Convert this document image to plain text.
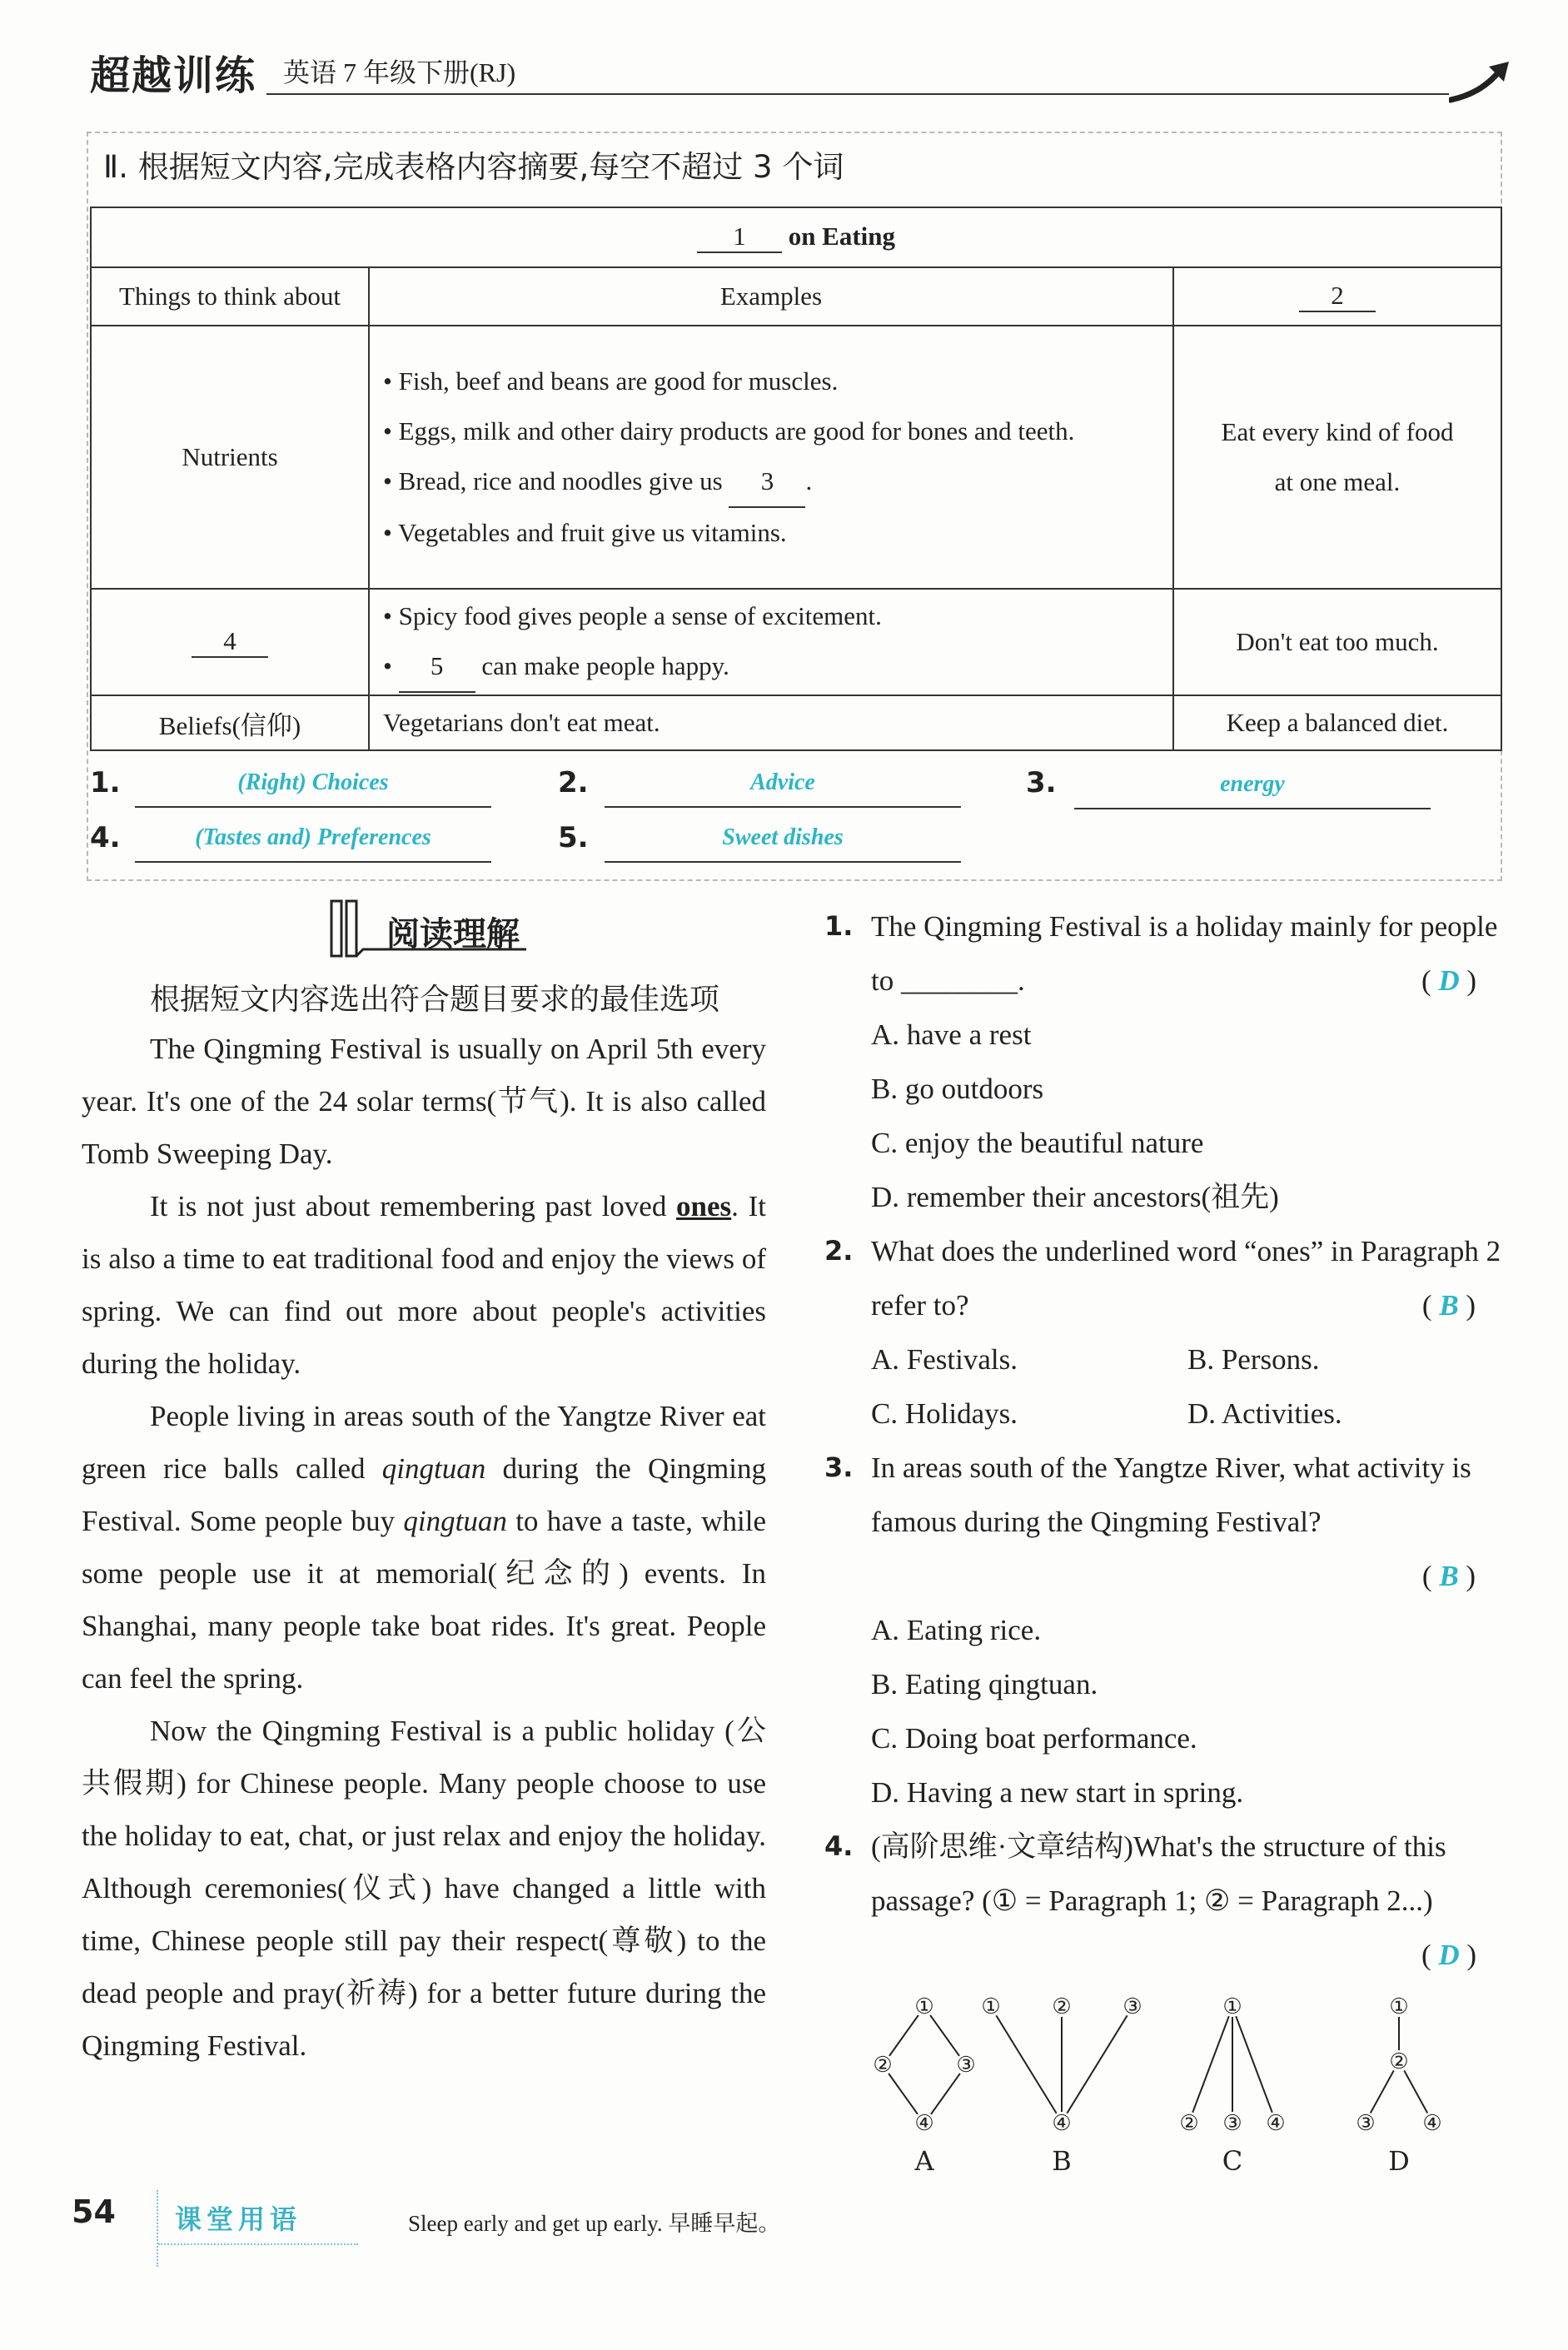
超越训练 英语 7 年级下册(RJ)
Ⅱ. 根据短文内容,完成表格内容摘要,每空不超过 3 个词
1 on Eating		
Things to think about	Examples	2
Nutrients	• Fish, beef and beans are good for muscles.
• Eggs, milk and other dairy products are good for bones and teeth.
• Bread, rice and noodles give us 3 .
• Vegetables and fruit give us vitamins.	Eat every kind of food at one meal.

4	• Spicy food gives people a sense of excitement.
• 5 can make people happy.	Don't eat too much.
Beliefs(信仰)	Vegetarians don't eat meat.	Keep a balanced diet.
1.	(Right) Choices	2.	Advice	3.	energy
4.	(Tastes and) Preferences	5.	Sweet dishes
阅读理解
根据短文内容选出符合题目要求的最佳选项

The Qingming Festival is usually on April 5th every year. It's one of the 24 solar terms(节气). It is also called Tomb Sweeping Day.

It is not just about remembering past loved ones. It is also a time to eat traditional food and enjoy the views of spring. We can find out more about people's activities during the holiday.

People living in areas south of the Yangtze River eat green rice balls called qingtuan during the Qingming Festival. Some people buy qingtuan to have a taste, while some people use it at memorial(纪念的) events. In Shanghai, many people take boat rides. It's great. People can feel the spring.

Now the Qingming Festival is a public holiday (公共假期) for Chinese people. Many people choose to use the holiday to eat, chat, or just relax and enjoy the holiday. Although ceremonies(仪式) have changed a little with time, Chinese people still pay their respect(尊敬) to the dead people and pray(祈祷) for a better future during the Qingming Festival.

1. The Qingming Festival is a holiday mainly for people to ________.	( D )
A. have a rest
B. go outdoors
C. enjoy the beautiful nature
D. remember their ancestors(祖先)
2. What does the underlined word “ones” in Paragraph 2 refer to?	( B )
A. Festivals.	B. Persons.
C. Holidays.	D. Activities.
3. In areas south of the Yangtze River, what activity is famous during the Qingming Festival?
( B )
A. Eating rice.
B. Eating qingtuan.
C. Doing boat performance.
D. Having a new start in spring.
4. (高阶思维·文章结构)What's the structure of this passage? (① = Paragraph 1; ② = Paragraph 2...)
( D )
①
②	③
④
① ② ③
④
①
② ③ ④
①
②
③ ④
A	B	C	D
54 课堂用语	Sleep early and get up early. 早睡早起。
